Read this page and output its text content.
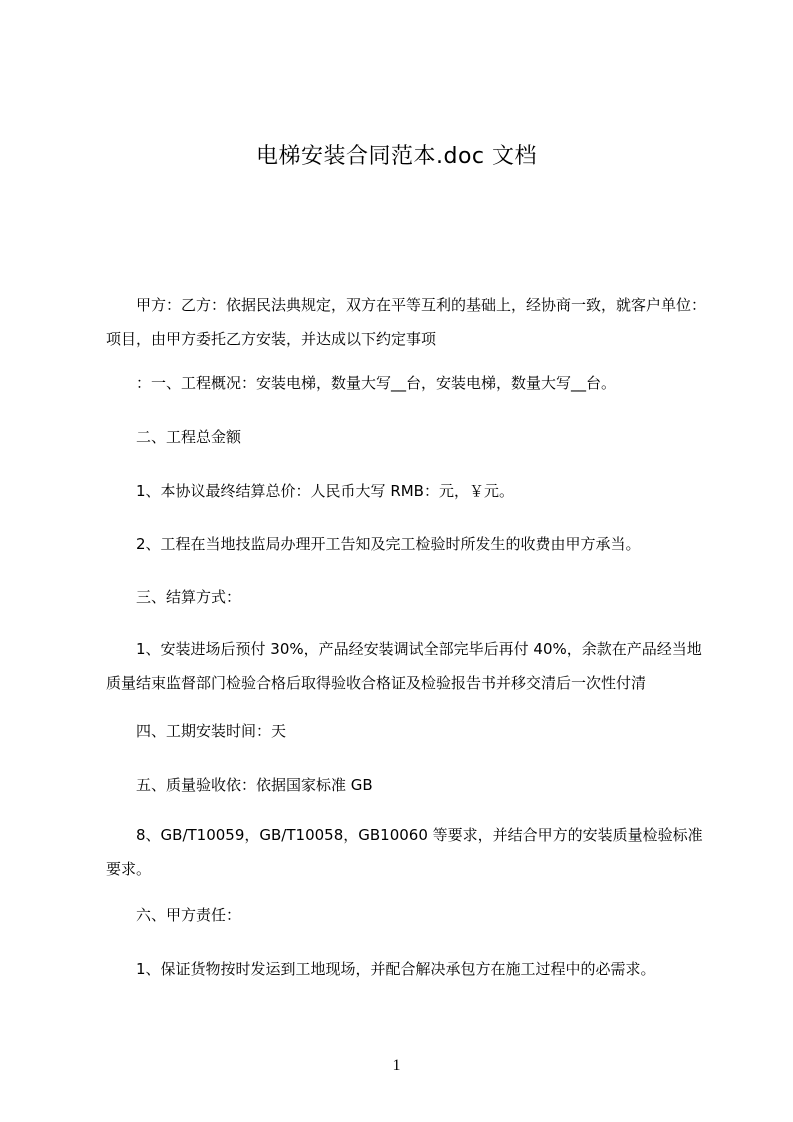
电梯安装合同范本.doc 文档

甲方：乙方：依据民法典规定，双方在平等互利的基础上，经协商一致，就客户单位：项目，由甲方委托乙方安装，并达成以下约定事项

：一、工程概况：安装电梯，数量大写__台，安装电梯，数量大写__台。

二、工程总金额

1、本协议最终结算总价：人民币大写 RMB：元，￥元。

2、工程在当地技监局办理开工告知及完工检验时所发生的收费由甲方承当。

三、结算方式：

1、安装进场后预付 30%，产品经安装调试全部完毕后再付 40%，余款在产品经当地质量结束监督部门检验合格后取得验收合格证及检验报告书并移交清后一次性付清

四、工期安装时间：天

五、质量验收依：依据国家标准 GB

8、GB/T10059，GB/T10058，GB10060 等要求，并结合甲方的安装质量检验标准要求。

六、甲方责任：

1、保证货物按时发运到工地现场，并配合解决承包方在施工过程中的必需求。

1
